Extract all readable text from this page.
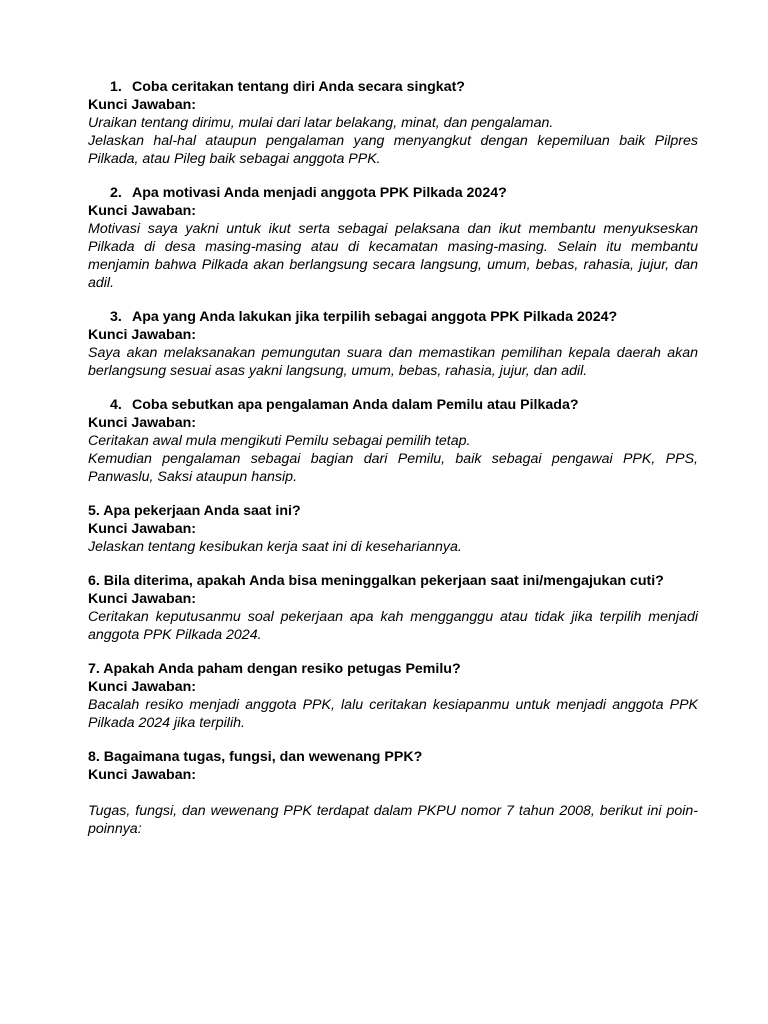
1. Coba ceritakan tentang diri Anda secara singkat?
Kunci Jawaban:
Uraikan tentang dirimu, mulai dari latar belakang, minat, dan pengalaman.
Jelaskan hal-hal ataupun pengalaman yang menyangkut dengan kepemiluan baik Pilpres Pilkada, atau Pileg baik sebagai anggota PPK.
2. Apa motivasi Anda menjadi anggota PPK Pilkada 2024?
Kunci Jawaban:
Motivasi saya yakni untuk ikut serta sebagai pelaksana dan ikut membantu menyukseskan Pilkada di desa masing-masing atau di kecamatan masing-masing. Selain itu membantu menjamin bahwa Pilkada akan berlangsung secara langsung, umum, bebas, rahasia, jujur, dan adil.
3. Apa yang Anda lakukan jika terpilih sebagai anggota PPK Pilkada 2024?
Kunci Jawaban:
Saya akan melaksanakan pemungutan suara dan memastikan pemilihan kepala daerah akan berlangsung sesuai asas yakni langsung, umum, bebas, rahasia, jujur, dan adil.
4. Coba sebutkan apa pengalaman Anda dalam Pemilu atau Pilkada?
Kunci Jawaban:
Ceritakan awal mula mengikuti Pemilu sebagai pemilih tetap.
Kemudian pengalaman sebagai bagian dari Pemilu, baik sebagai pengawai PPK, PPS, Panwaslu, Saksi ataupun hansip.
5. Apa pekerjaan Anda saat ini?
Kunci Jawaban:
Jelaskan tentang kesibukan kerja saat ini di kesehariannya.
6. Bila diterima, apakah Anda bisa meninggalkan pekerjaan saat ini/mengajukan cuti?
Kunci Jawaban:
Ceritakan keputusanmu soal pekerjaan apa kah mengganggu atau tidak jika terpilih menjadi anggota PPK Pilkada 2024.
7. Apakah Anda paham dengan resiko petugas Pemilu?
Kunci Jawaban:
Bacalah resiko menjadi anggota PPK, lalu ceritakan kesiapanmu untuk menjadi anggota PPK Pilkada 2024 jika terpilih.
8. Bagaimana tugas, fungsi, dan wewenang PPK?
Kunci Jawaban:
Tugas, fungsi, dan wewenang PPK terdapat dalam PKPU nomor 7 tahun 2008, berikut ini poin-poinnya:
